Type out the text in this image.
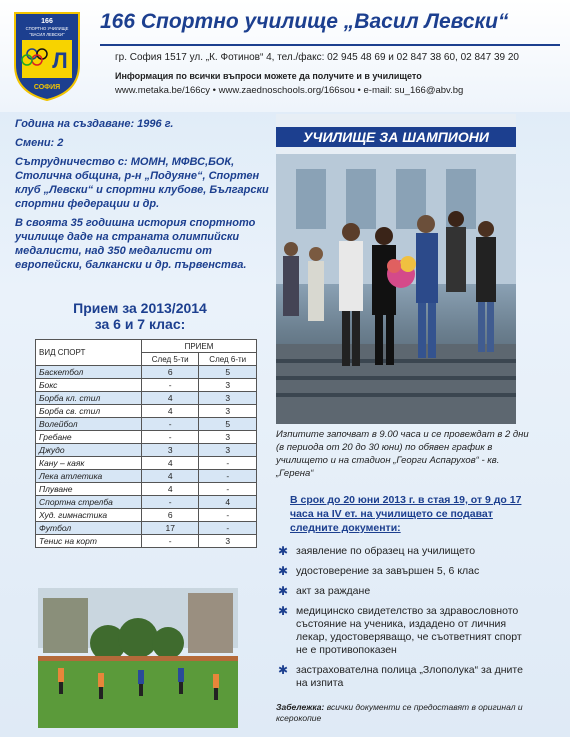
166
СПОРТНО УЧИЛИЩЕ
"ВАСИЛ ЛЕВСКИ"
Л
СОФИЯ
166 Спортно училище „Васил Левски“
гр. София 1517 ул. „К. Фотинов“ 4, тел./факс: 02 945 48 69 и 02 847 38 60, 02 847 39 20
Информация по всички въпроси можете да получите и в училището
www.metaka.be/166cy • www.zaednoschools.org/166sou • e-mail: su_166@abv.bg

Година на създаване: 1996 г.

Смени: 2

Сътрудничество с: МОМН, МФВС,БОК, Столична община, р-н „Подуяне“, Спортен клуб „Левски“ и спортни клубове, Български спортни федерации и др.

В своята 35 годишна история спортното училище даде на страната олимпийски медалисти, над 350 медалисти от европейски, балкански и др. първенства.

Прием за 2013/2014
за 6 и 7 клас:
ВИД СПОРТ	ПРИЕМ	
	След 5-ти	След 6-ти
Баскетбол	6	5
Бокс	-	3
Борба кл. стил	4	3
Борба св. стил	4	3
Волейбол	-	5
Гребане	-	3
Джудо	3	3
Кану – каяк	4	-
Лека атлетика	4	-
Плуване	4	-
Спортна стрелба	-	4
Худ. гимнастика	6	-
Футбол	17	-
Тенис на корт	-	3
УЧИЛИЩЕ ЗА ШАМПИОНИ
Изпитите започват в 9.00 часа и се провеждат в 2 дни (в периода от 20 до 30 юни) по обявен график в училището и на стадион „Георги Аспарухов“ - кв. „Герена“
В срок до 20 юни 2013 г. в стая 19, от 9 до 17 часа на IV ет. на училището се подават следните документи:
✱ заявление по образец на училището
✱ удостоверение за завършен 5, 6 клас
✱ акт за раждане
✱ медицинско свидетелство за здравословното състояние на ученика, издадено от личния лекар, удостоверяващо, че съответният спорт не е противопоказен
✱ застрахователна полица „Злополука“ за дните на изпита
Забележка: всички документи се предоставят в оригинал и ксерокопие
